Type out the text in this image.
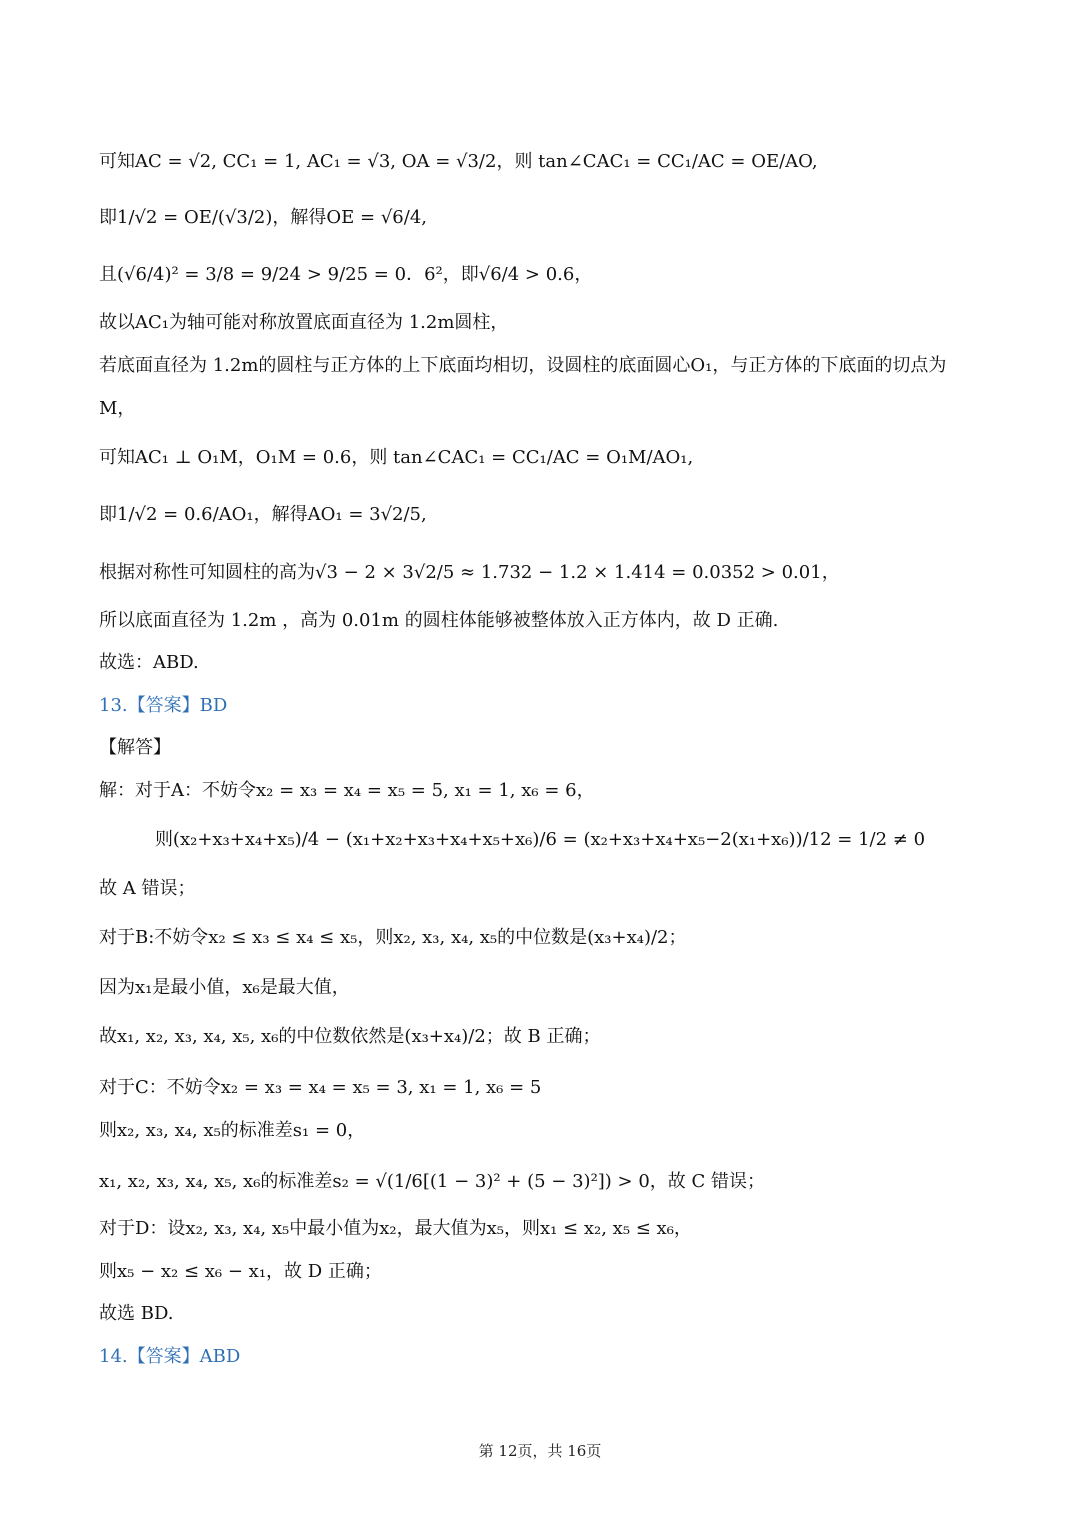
可知AC = √2, CC₁ = 1, AC₁ = √3, OA = √3/2，则 tan∠CAC₁ = CC₁/AC = OE/AO,
即1/√2 = OE/(√3/2)，解得OE = √6/4,
且(√6/4)² = 3/8 = 9/24 > 9/25 = 0．6²，即√6/4 > 0.6，
故以AC₁为轴可能对称放置底面直径为 1.2m圆柱，
若底面直径为 1.2m的圆柱与正方体的上下底面均相切，设圆柱的底面圆心O₁，与正方体的下底面的切点为
M，
可知AC₁ ⊥ O₁M，O₁M = 0.6，则 tan∠CAC₁ = CC₁/AC = O₁M/AO₁,
即1/√2 = 0.6/AO₁，解得AO₁ = 3√2/5,
根据对称性可知圆柱的高为√3 − 2 × 3√2/5 ≈ 1.732 − 1.2 × 1.414 = 0.0352 > 0.01，
所以底面直径为 1.2m ，高为 0.01m 的圆柱体能够被整体放入正方体内，故 D 正确.
故选：ABD.
13.【答案】BD
【解答】
解：对于A：不妨令x₂ = x₃ = x₄ = x₅ = 5, x₁ = 1, x₆ = 6，
则(x₂+x₃+x₄+x₅)/4 − (x₁+x₂+x₃+x₄+x₅+x₆)/6 = (x₂+x₃+x₄+x₅−2(x₁+x₆))/12 = 1/2 ≠ 0
故 A 错误；
对于B:不妨令x₂ ≤ x₃ ≤ x₄ ≤ x₅，则x₂, x₃, x₄, x₅的中位数是(x₃+x₄)/2；
因为x₁是最小值，x₆是最大值，
故x₁, x₂, x₃, x₄, x₅, x₆的中位数依然是(x₃+x₄)/2；故 B 正确；
对于C：不妨令x₂ = x₃ = x₄ = x₅ = 3, x₁ = 1, x₆ = 5
则x₂, x₃, x₄, x₅的标准差s₁ = 0，
x₁, x₂, x₃, x₄, x₅, x₆的标准差s₂ = √(1/6[(1 − 3)² + (5 − 3)²]) > 0，故 C 错误；
对于D：设x₂, x₃, x₄, x₅中最小值为x₂，最大值为x₅，则x₁ ≤ x₂, x₅ ≤ x₆，
则x₅ − x₂ ≤ x₆ − x₁，故 D 正确；
故选 BD.
14.【答案】ABD
第 12页，共 16页
